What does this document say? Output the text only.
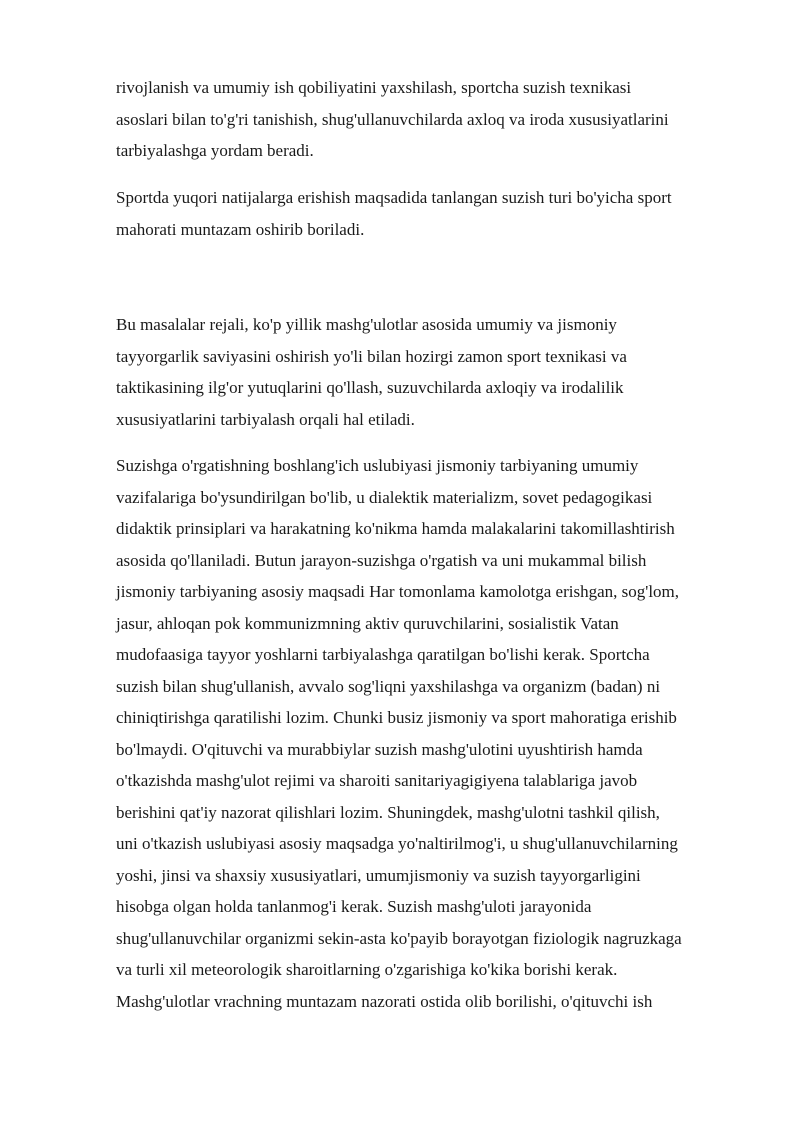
rivojlanish va umumiy ish qobiliyatini yaxshilash, sportcha suzish texnikasi
asoslari bilan to'g'ri tanishish, shug'ullanuvchilarda axloq va iroda xususiyatlarini
tarbiyalashga yordam beradi.
Sportda yuqori natijalarga erishish maqsadida tanlangan suzish turi bo'yicha sport
mahorati muntazam oshirib boriladi.
Bu masalalar rejali, ko'p yillik mashg'ulotlar asosida umumiy va jismoniy
tayyorgarlik saviyasini oshirish yo'li bilan hozirgi zamon sport texnikasi va
taktikasining ilg'or yutuqlarini qo'llash, suzuvchilarda axloqiy va irodalilik
xususiyatlarini tarbiyalash orqali hal etiladi.
Suzishga o'rgatishning boshlang'ich uslubiyasi jismoniy tarbiyaning umumiy
vazifalariga bo'ysundirilgan bo'lib, u dialektik materializm, sovet pedagogikasi
didaktik prinsiplari va harakatning ko'nikma hamda malakalarini takomillashtirish
asosida qo'llaniladi. Butun jarayon-suzishga o'rgatish va uni mukammal bilish
jismoniy tarbiyaning asosiy maqsadi Har tomonlama kamolotga erishgan, sog'lom,
jasur, ahloqan pok kommunizmning aktiv quruvchilarini, sosialistik Vatan
mudofaasiga tayyor yoshlarni tarbiyalashga qaratilgan bo'lishi kerak. Sportcha
suzish bilan shug'ullanish, avvalo sog'liqni yaxshilashga va organizm (badan) ni
chiniqtirishga qaratilishi lozim. Chunki busiz jismoniy va sport mahoratiga erishib
bo'lmaydi. O'qituvchi va murabbiylar suzish mashg'ulotini uyushtirish hamda
o'tkazishda mashg'ulot rejimi va sharoiti sanitariyagigiyena talablariga javob
berishini qat'iy nazorat qilishlari lozim. Shuningdek, mashg'ulotni tashkil qilish,
uni o'tkazish uslubiyasi asosiy maqsadga yo'naltirilmog'i, u shug'ullanuvchilarning
yoshi, jinsi va shaxsiy xususiyatlari, umumjismoniy va suzish tayyorgarligini
hisobga olgan holda tanlanmog'i kerak. Suzish mashg'uloti jarayonida
shug'ullanuvchilar organizmi sekin-asta ko'payib borayotgan fiziologik nagruzkaga
va turli xil meteorologik sharoitlarning o'zgarishiga ko'kika borishi kerak.
Mashg'ulotlar vrachning muntazam nazorati ostida olib borilishi, o'qituvchi ish
